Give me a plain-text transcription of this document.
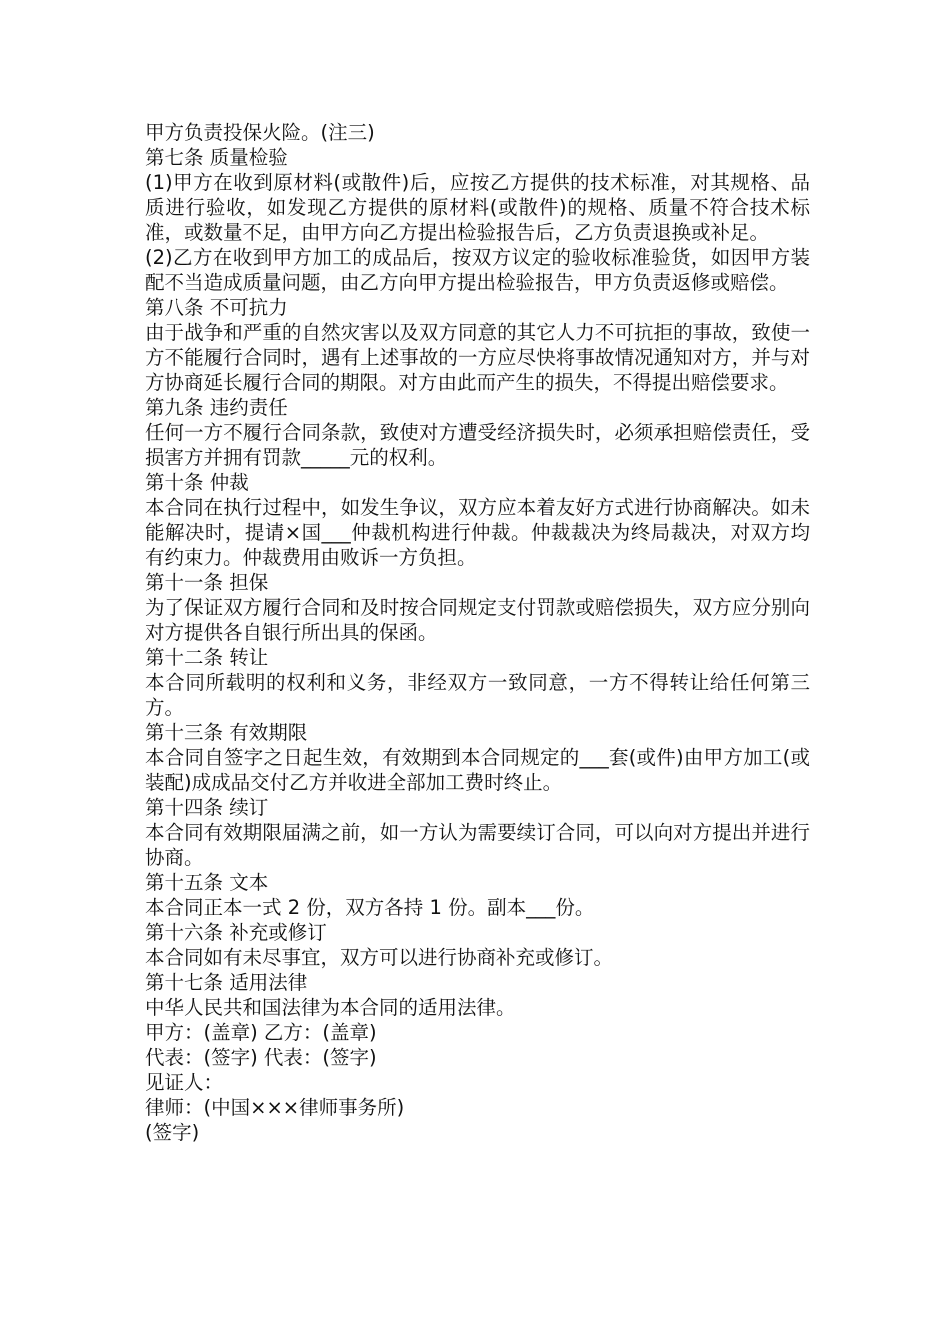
甲方负责投保火险。(注三)

第七条 质量检验

(1)甲方在收到原材料(或散件)后，应按乙方提供的技术标准，对其规格、品质进行验收，如发现乙方提供的原材料(或散件)的规格、质量不符合技术标准，或数量不足，由甲方向乙方提出检验报告后，乙方负责退换或补足。

(2)乙方在收到甲方加工的成品后，按双方议定的验收标准验货，如因甲方装配不当造成质量问题，由乙方向甲方提出检验报告，甲方负责返修或赔偿。

第八条 不可抗力

由于战争和严重的自然灾害以及双方同意的其它人力不可抗拒的事故，致使一方不能履行合同时，遇有上述事故的一方应尽快将事故情况通知对方，并与对方协商延长履行合同的期限。对方由此而产生的损失，不得提出赔偿要求。

第九条 违约责任

任何一方不履行合同条款，致使对方遭受经济损失时，必须承担赔偿责任，受损害方并拥有罚款_____元的权利。

第十条 仲裁

本合同在执行过程中，如发生争议，双方应本着友好方式进行协商解决。如未能解决时，提请×国___仲裁机构进行仲裁。仲裁裁决为终局裁决，对双方均有约束力。仲裁费用由败诉一方负担。

第十一条 担保

为了保证双方履行合同和及时按合同规定支付罚款或赔偿损失，双方应分别向对方提供各自银行所出具的保函。

第十二条 转让

本合同所载明的权利和义务，非经双方一致同意，一方不得转让给任何第三方。

第十三条 有效期限

本合同自签字之日起生效，有效期到本合同规定的___套(或件)由甲方加工(或装配)成成品交付乙方并收进全部加工费时终止。

第十四条 续订

本合同有效期限届满之前，如一方认为需要续订合同，可以向对方提出并进行协商。

第十五条 文本

本合同正本一式 2 份，双方各持 1 份。副本___份。

第十六条 补充或修订

本合同如有未尽事宜，双方可以进行协商补充或修订。

第十七条 适用法律

中华人民共和国法律为本合同的适用法律。

甲方：(盖章) 乙方：(盖章)

代表：(签字) 代表：(签字)

见证人：

律师：(中国×××律师事务所)

(签字)
